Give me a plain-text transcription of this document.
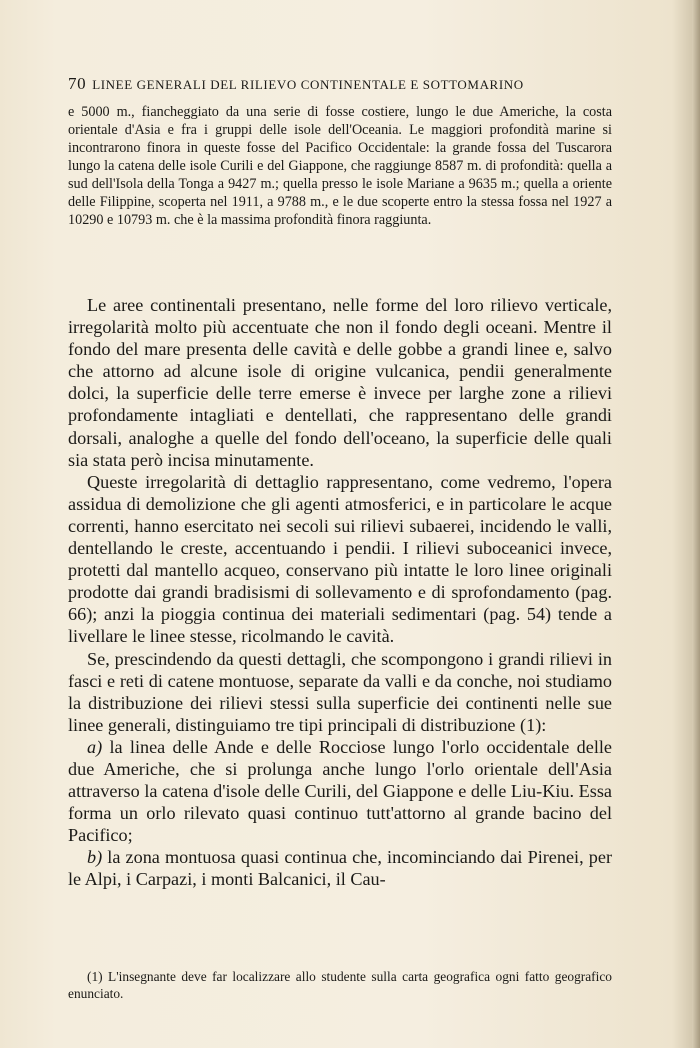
70 LINEE GENERALI DEL RILIEVO CONTINENTALE E SOTTOMARINO

e 5000 m., fiancheggiato da una serie di fosse costiere, lungo le due Americhe, la costa orientale d'Asia e fra i gruppi delle isole dell'Oceania. Le maggiori profondità marine si incontrarono finora in queste fosse del Pacifico Occidentale: la grande fossa del Tuscarora lungo la catena delle isole Curili e del Giappone, che raggiunge 8587 m. di profondità: quella a sud dell'Isola della Tonga a 9427 m.; quella presso le isole Mariane a 9635 m.; quella a oriente delle Filippine, scoperta nel 1911, a 9788 m., e le due scoperte entro la stessa fossa nel 1927 a 10290 e 10793 m. che è la massima profondità finora raggiunta.

Le aree continentali presentano, nelle forme del loro rilievo verticale, irregolarità molto più accentuate che non il fondo degli oceani. Mentre il fondo del mare presenta delle cavità e delle gobbe a grandi linee e, salvo che attorno ad alcune isole di origine vulcanica, pendii generalmente dolci, la superficie delle terre emerse è invece per larghe zone a rilievi profondamente intagliati e dentellati, che rappresentano delle grandi dorsali, analoghe a quelle del fondo dell'oceano, la superficie delle quali sia stata però incisa minutamente.

Queste irregolarità di dettaglio rappresentano, come vedremo, l'opera assidua di demolizione che gli agenti atmosferici, e in particolare le acque correnti, hanno esercitato nei secoli sui rilievi subaerei, incidendo le valli, dentellando le creste, accentuando i pendii. I rilievi suboceanici invece, protetti dal mantello acqueo, conservano più intatte le loro linee originali prodotte dai grandi bradisismi di sollevamento e di sprofondamento (pag. 66); anzi la pioggia continua dei materiali sedimentari (pag. 54) tende a livellare le linee stesse, ricolmando le cavità.

Se, prescindendo da questi dettagli, che scompongono i grandi rilievi in fasci e reti di catene montuose, separate da valli e da conche, noi studiamo la distribuzione dei rilievi stessi sulla superficie dei continenti nelle sue linee generali, distinguiamo tre tipi principali di distribuzione (1):

a) la linea delle Ande e delle Rocciose lungo l'orlo occidentale delle due Americhe, che si prolunga anche lungo l'orlo orientale dell'Asia attraverso la catena d'isole delle Curili, del Giappone e delle Liu-Kiu. Essa forma un orlo rilevato quasi continuo tutt'attorno al grande bacino del Pacifico;

b) la zona montuosa quasi continua che, incominciando dai Pirenei, per le Alpi, i Carpazi, i monti Balcanici, il Cau-

(1) L'insegnante deve far localizzare allo studente sulla carta geografica ogni fatto geografico enunciato.
